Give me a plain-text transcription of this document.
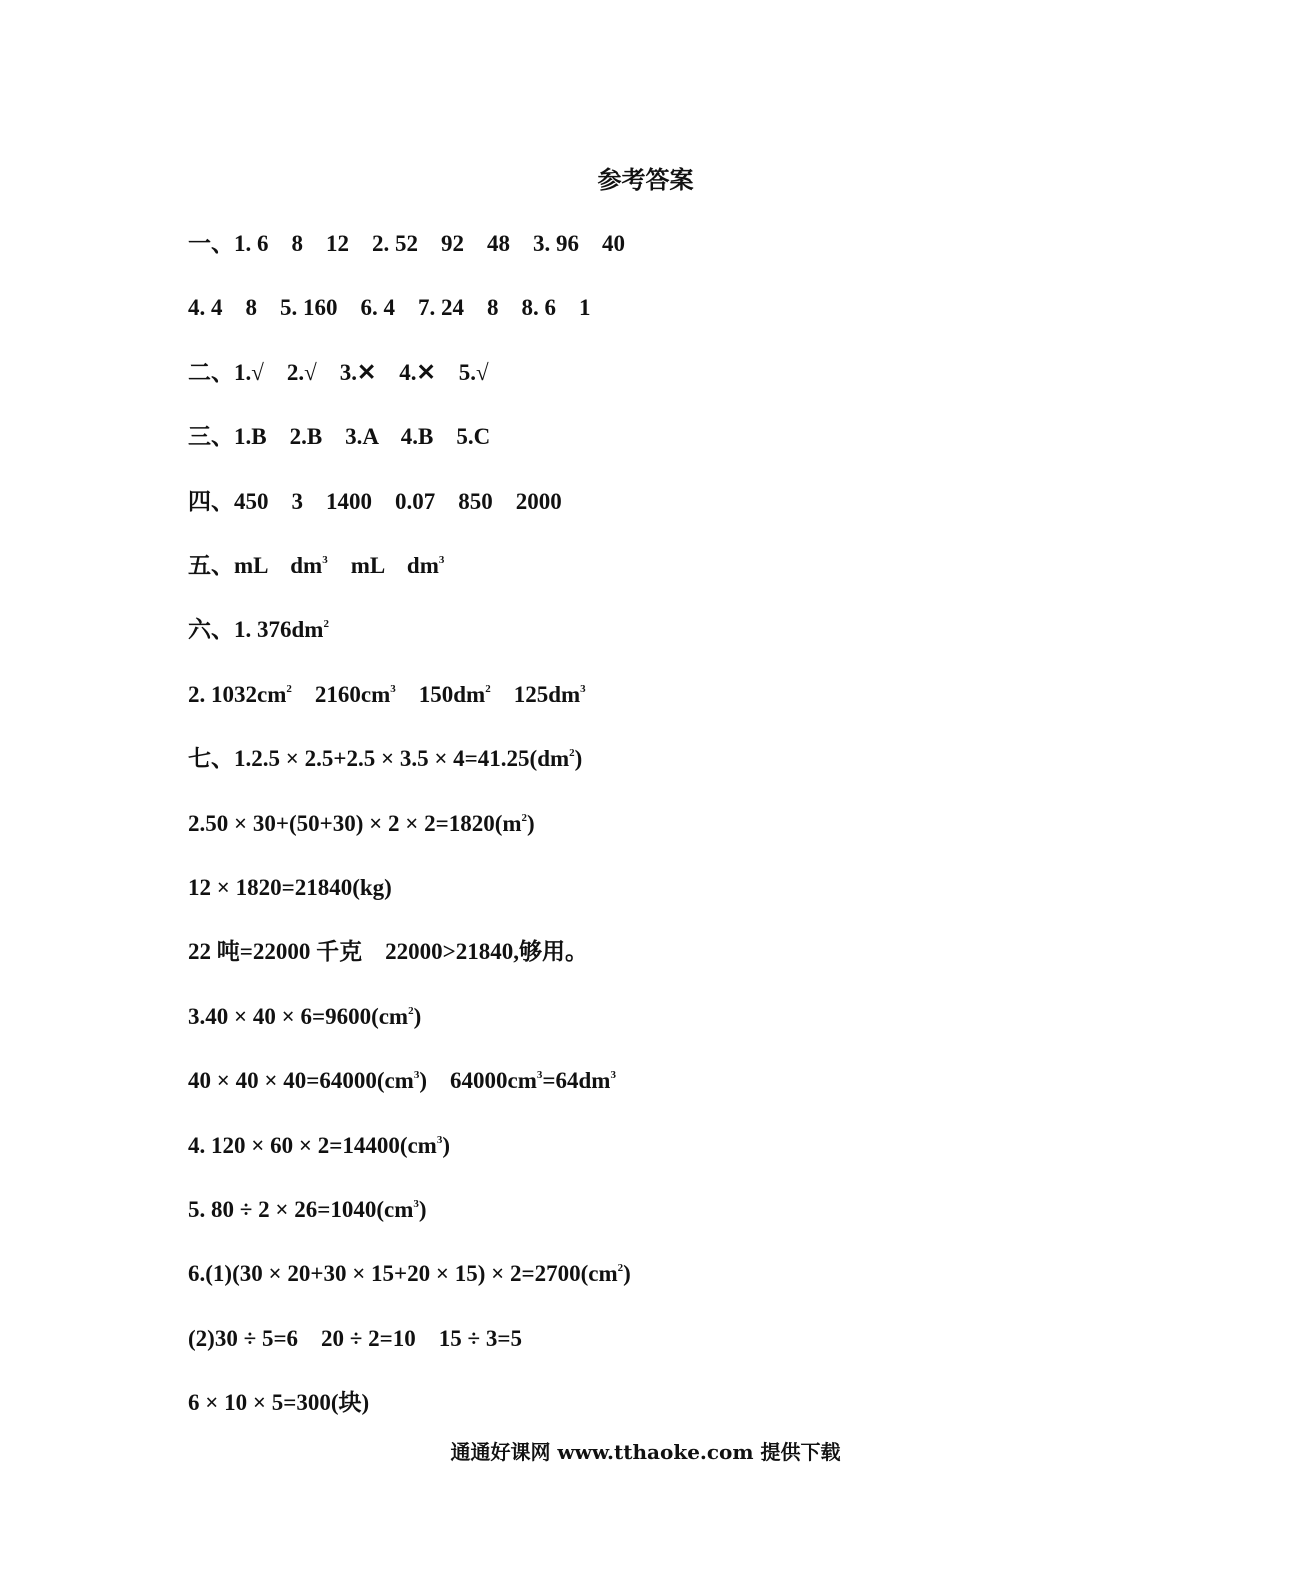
参考答案
一、1. 6    8    12    2. 52    92    48    3. 96    40
4. 4    8    5. 160    6. 4    7. 24    8    8. 6    1
二、1.√    2.√    3.✕    4.✕    5.√
三、1.B    2.B    3.A    4.B    5.C
四、450    3    1400    0.07    850    2000
五、mL    $dm^3$    mL    $dm^3$
六、1. $376dm^2$
2. $1032cm^2$    $2160cm^3$    $150dm^2$    $125dm^3$
七、$1.2.5 \times 2.5+2.5 \times 3.5 \times 4=41.25(dm^2)$
$2.50 \times 30+(50+30) \times 2 \times 2=1820(m^2)$
12 × 1820=21840(kg)
22 吨=22000 千克    22000>21840,够用。
$3.40 \times 40 \times 6=9600(cm^2)$
$40 \times 40 \times 40=64000(cm^3)$    $64000cm^3=64dm^3$
4. $120 \times 60 \times 2=14400(cm^3)$
5. $80 \div 2 \times 26=1040(cm^3)$
$6.(1)(30 \times 20+30 \times 15+20 \times 15) \times 2=2700(cm^2)$
(2)30 ÷ 5=6    20 ÷ 2=10    15 ÷ 3=5
6 × 10 × 5=300(块)
通通好课网 www.tthaoke.com 提供下载
